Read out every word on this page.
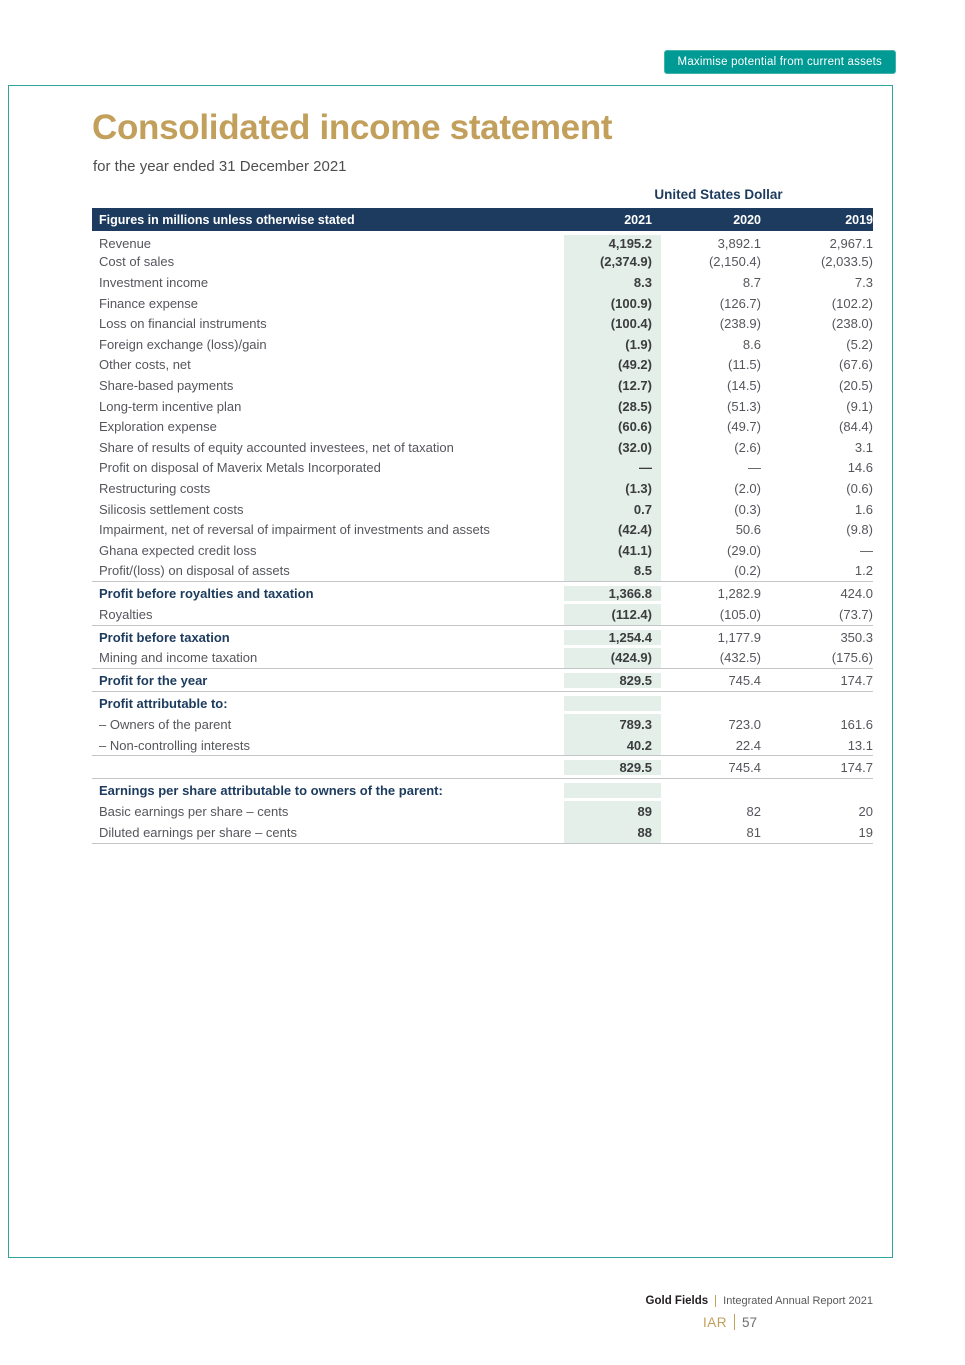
Maximise potential from current assets
Consolidated income statement
for the year ended 31 December 2021
United States Dollar
Figures in millions unless otherwise stated	2021	2020	2019
Revenue	4,195.2	3,892.1	2,967.1
Cost of sales	(2,374.9)	(2,150.4)	(2,033.5)
Investment income	8.3	8.7	7.3
Finance expense	(100.9)	(126.7)	(102.2)
Loss on financial instruments	(100.4)	(238.9)	(238.0)
Foreign exchange (loss)/gain	(1.9)	8.6	(5.2)
Other costs, net	(49.2)	(11.5)	(67.6)
Share-based payments	(12.7)	(14.5)	(20.5)
Long-term incentive plan	(28.5)	(51.3)	(9.1)
Exploration expense	(60.6)	(49.7)	(84.4)
Share of results of equity accounted investees, net of taxation	(32.0)	(2.6)	3.1
Profit on disposal of Maverix Metals Incorporated	—	—	14.6
Restructuring costs	(1.3)	(2.0)	(0.6)
Silicosis settlement costs	0.7	(0.3)	1.6
Impairment, net of reversal of impairment of investments and assets	(42.4)	50.6	(9.8)
Ghana expected credit loss	(41.1)	(29.0)	—
Profit/(loss) on disposal of assets	8.5	(0.2)	1.2
Profit before royalties and taxation	1,366.8	1,282.9	424.0
Royalties	(112.4)	(105.0)	(73.7)
Profit before taxation	1,254.4	1,177.9	350.3
Mining and income taxation	(424.9)	(432.5)	(175.6)
Profit for the year	829.5	745.4	174.7
Profit attributable to:
– Owners of the parent	789.3	723.0	161.6
– Non-controlling interests	40.2	22.4	13.1
829.5	745.4	174.7
Earnings per share attributable to owners of the parent:
Basic earnings per share – cents	89	82	20
Diluted earnings per share – cents	88	81	19
Gold Fields Integrated Annual Report 2021
IAR 57
